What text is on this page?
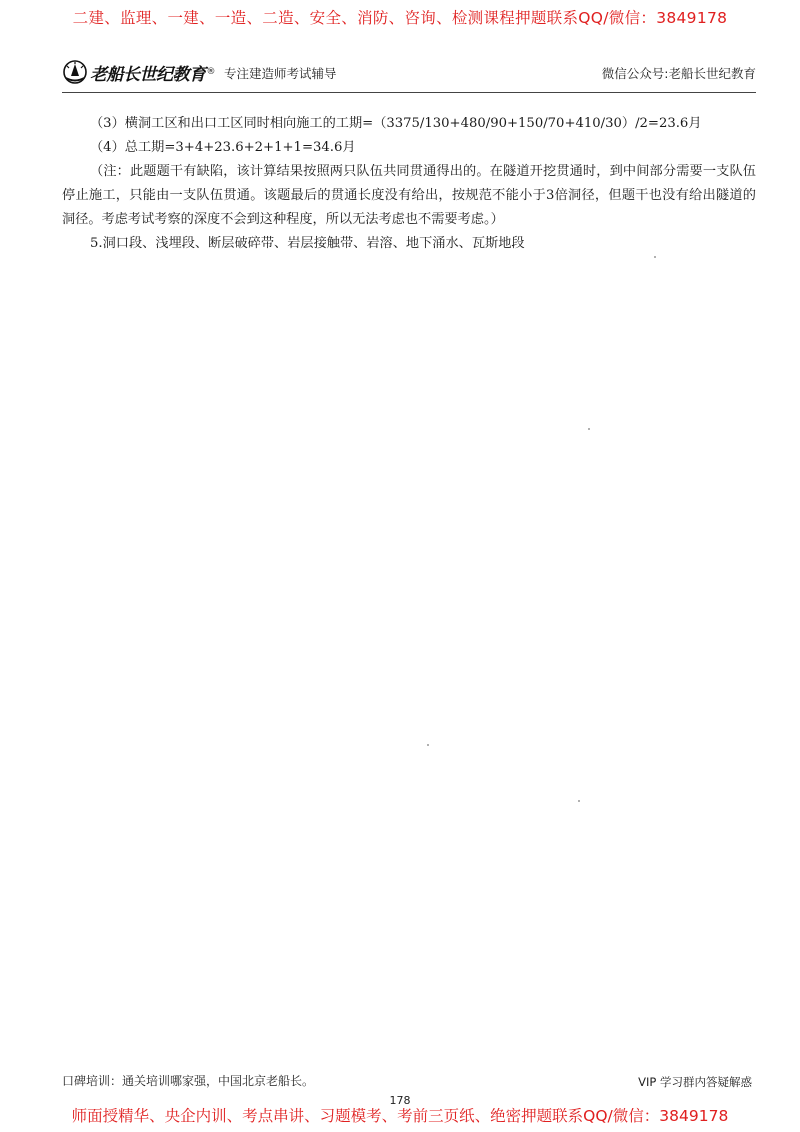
二建、监理、一建、一造、二造、安全、消防、咨询、检测课程押题联系QQ/微信：3849178
老船长世纪教育 ® 专注建造师考试辅导	微信公众号:老船长世纪教育

（3）横洞工区和出口工区同时相向施工的工期=（3375/130+480/90+150/70+410/30）/2=23.6月

（4）总工期=3+4+23.6+2+1+1=34.6月

（注：此题题干有缺陷，该计算结果按照两只队伍共同贯通得出的。在隧道开挖贯通时，到中间部分需要一支队伍停止施工，只能由一支队伍贯通。该题最后的贯通长度没有给出，按规范不能小于3倍洞径，但题干也没有给出隧道的洞径。考虑考试考察的深度不会到这种程度，所以无法考虑也不需要考虑。）

5.洞口段、浅埋段、断层破碎带、岩层接触带、岩溶、地下涌水、瓦斯地段

口碑培训：通关培训哪家强，中国北京老船长。	VIP 学习群内答疑解惑
178
师面授精华、央企内训、考点串讲、习题模考、考前三页纸、绝密押题联系QQ/微信：3849178
